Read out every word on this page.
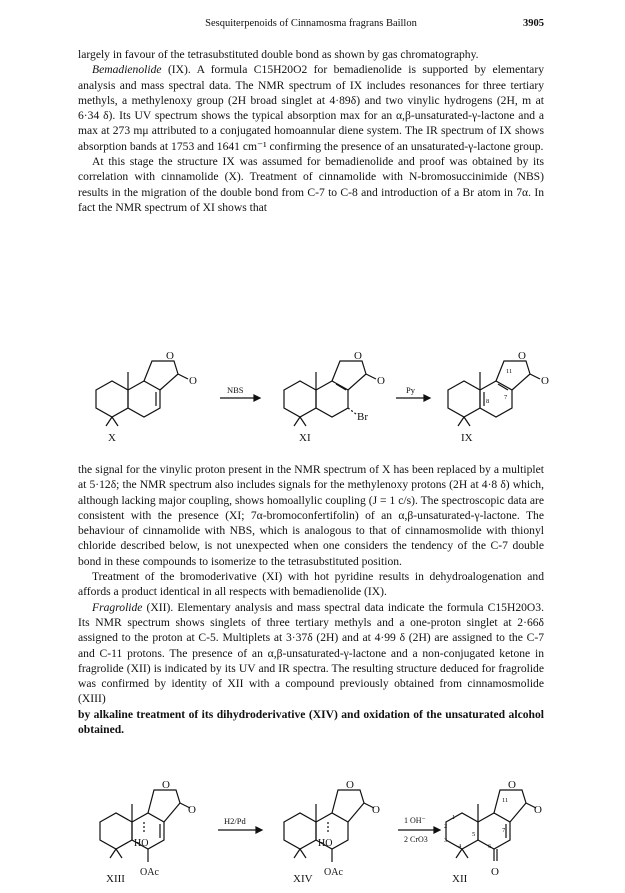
Sesquiterpenoids of Cinnamosma fragrans Baillon	3905

largely in favour of the tetrasubstituted double bond as shown by gas chromatography.

Bemadienolide (IX). A formula C15H20O2 for bemadienolide is supported by elementary analysis and mass spectral data. The NMR spectrum of IX includes resonances for three tertiary methyls, a methylenoxy group (2H broad singlet at 4·89δ) and two vinylic hydrogens (2H, m at 6·34 δ). Its UV spectrum shows the typical absorption max for an α,β-unsaturated-γ-lactone and a max at 273 mμ attributed to a conjugated homoannular diene system. The IR spectrum of IX shows absorption bands at 1753 and 1641 cm⁻¹ confirming the presence of an unsaturated-γ-lactone group.

At this stage the structure IX was assumed for bemadienolide and proof was obtained by its correlation with cinnamolide (X). Treatment of cinnamolide with N-bromosuccinimide (NBS) results in the migration of the double bond from C-7 to C-8 and introduction of a Br atom in 7α. In fact the NMR spectrum of XI shows that

O
O
O
O
Br
O
O
NBS	Py
11
8
7
X	XI	IX

the signal for the vinylic proton present in the NMR spectrum of X has been replaced by a multiplet at 5·12δ; the NMR spectrum also includes signals for the methylenoxy protons (2H at 4·8 δ) which, although lacking major coupling, shows homoallylic coupling (J = 1 c/s). The spectroscopic data are consistent with the presence (XI; 7α-bromoconfertifolin) of an α,β-unsaturated-γ-lactone. The behaviour of cinnamolide with NBS, which is analogous to that of cinnamosmolide with thionyl chloride described below, is not unexpected when one considers the tendency of the C-7 double bond in these compounds to isomerize to the tetrasubstituted position.

Treatment of the bromoderivative (XI) with hot pyridine results in dehydroalogenation and affords a product identical in all respects with bemadienolide (IX).

Fragrolide (XII). Elementary analysis and mass spectral data indicate the formula C15H20O3. Its NMR spectrum shows singlets of three tertiary methyls and a one-proton singlet at 2·66δ assigned to the proton at C-5. Multiplets at 3·37δ (2H) and at 4·99 δ (2H) are assigned to the C-7 and C-11 protons. The presence of an α,β-unsaturated-γ-lactone and a non-conjugated ketone in fragrolide (XII) is indicated by its UV and IR spectra. The resulting structure deduced for fragrolide was confirmed by identity of XII with a compound previously obtained from cinnamosmolide (XIII)

by alkaline treatment of its dihydroderivative (XIV) and oxidation of the unsaturated alcohol obtained.

O
O
HO
OAc
O
O
HO
OAc
O
O
O
H2/Pd	1 OH⁻
2 CrO3
11
1
2
3
4
5
6
7
XIII	XIV	XII
